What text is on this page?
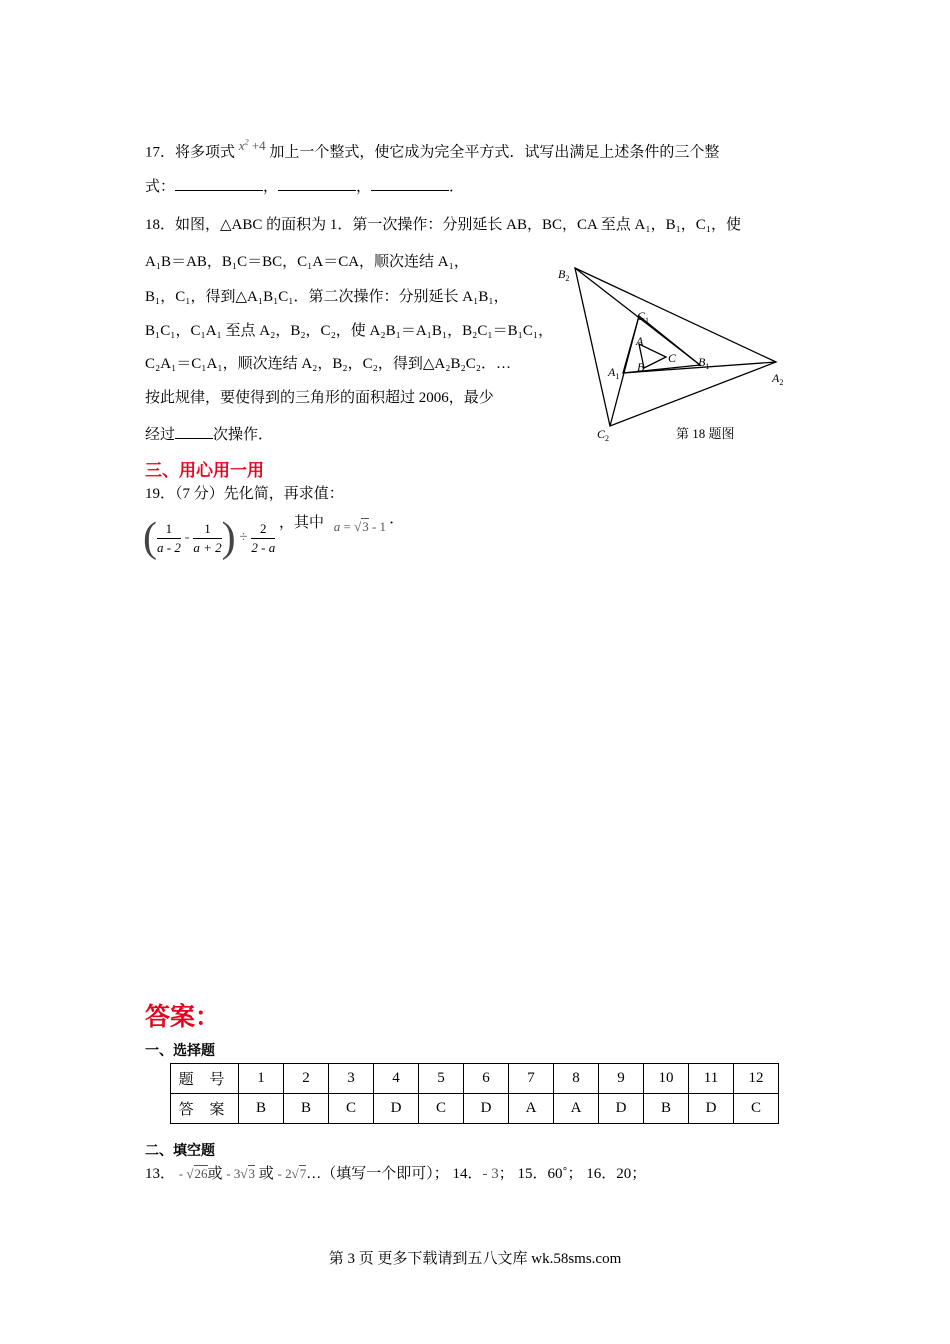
17．将多项式 $x^2 +4$ 加上一个整式，使它成为完全平方式．试写出满足上述条件的三个整
式：	，	，	．
18．如图，△ABC 的面积为 1．第一次操作：分别延长 AB，BC，CA 至点 A₁，B₁，C₁，使
A₁B＝AB，B₁C＝BC，C₁A＝CA，顺次连结 A₁，
B₁，C₁，得到△A₁B₁C₁．第二次操作：分别延长 A₁B₁，
B₁C₁，C₁A₁ 至点 A₂，B₂，C₂，使 A₂B₁＝A₁B₁，B₂C₁＝B₁C₁，
C₂A₁＝C₁A₁，顺次连结 A₂，B₂，C₂，得到△A₂B₂C₂．…
按此规律，要使得到的三角形的面积超过 2006，最少
经过	次操作．
$B_2$
$C_1$
A
C $B_1$
$A_1$
B
$A_2$
$C_2$	第 18 题图
三、用心用一用
19．（7 分）先化简，再求值：
( $\frac{1}{a - 2} - \frac{1}{a + 2}$ ) ÷ $\frac{2}{2 - a}$ ，其中 a = √3 - 1 ．
答案：
一、选择题
题 号	1	2	3	4	5	6	7	8	9	10	11	12
答 案	B	B	C	D	C	D	A	A	D	B	D	C
二、填空题
13． - √26或 - 3√3 或 - 2√7…（填写一个即可）； 14．- 3； 15．60˚； 16．20；
第 3 页 更多下载请到五八文库 wk.58sms.com
